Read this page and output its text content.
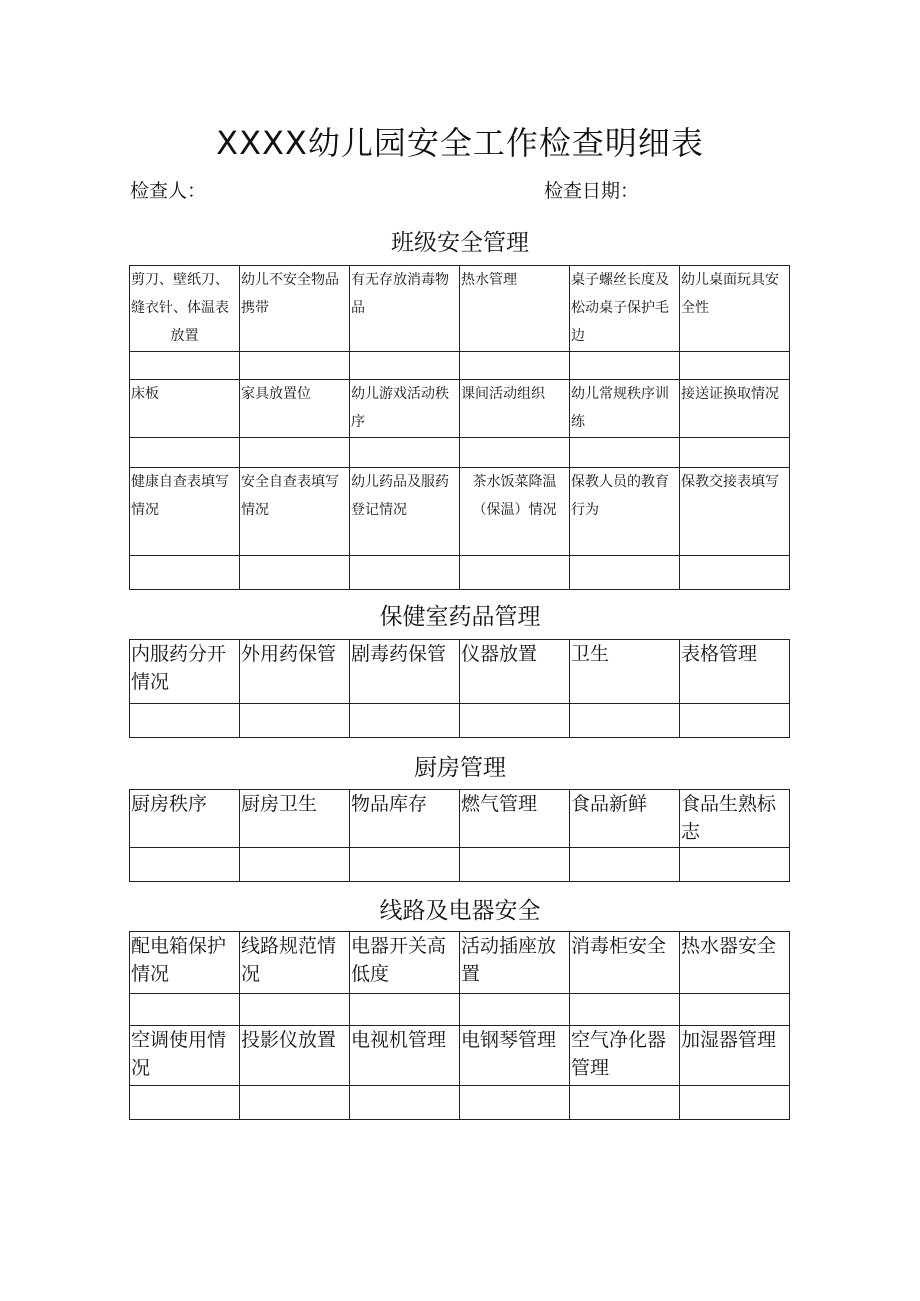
XXXX幼儿园安全工作检查明细表
检查人：	检查日期：
班级安全管理
剪刀、壁纸刀、缝衣针、体温表
放置	幼儿不安全物品携带	有无存放消毒物品	热水管理	桌子螺丝长度及松动桌子保护毛边	幼儿桌面玩具安全性

床板	家具放置位	幼儿游戏活动秩序	课间活动组织	幼儿常规秩序训练	接送证换取情况

健康自查表填写情况	安全自查表填写情况	幼儿药品及服药登记情况	茶水饭菜降温（保温）情况	保教人员的教育行为	保教交接表填写

保健室药品管理
内服药分开情况	外用药保管	剧毒药保管	仪器放置	卫生	表格管理

厨房管理
厨房秩序	厨房卫生	物品库存	燃气管理	食品新鲜	食品生熟标志

线路及电器安全
配电箱保护情况	线路规范情况	电器开关高低度	活动插座放置	消毒柜安全	热水器安全

空调使用情况	投影仪放置	电视机管理	电钢琴管理	空气净化器管理	加湿器管理
